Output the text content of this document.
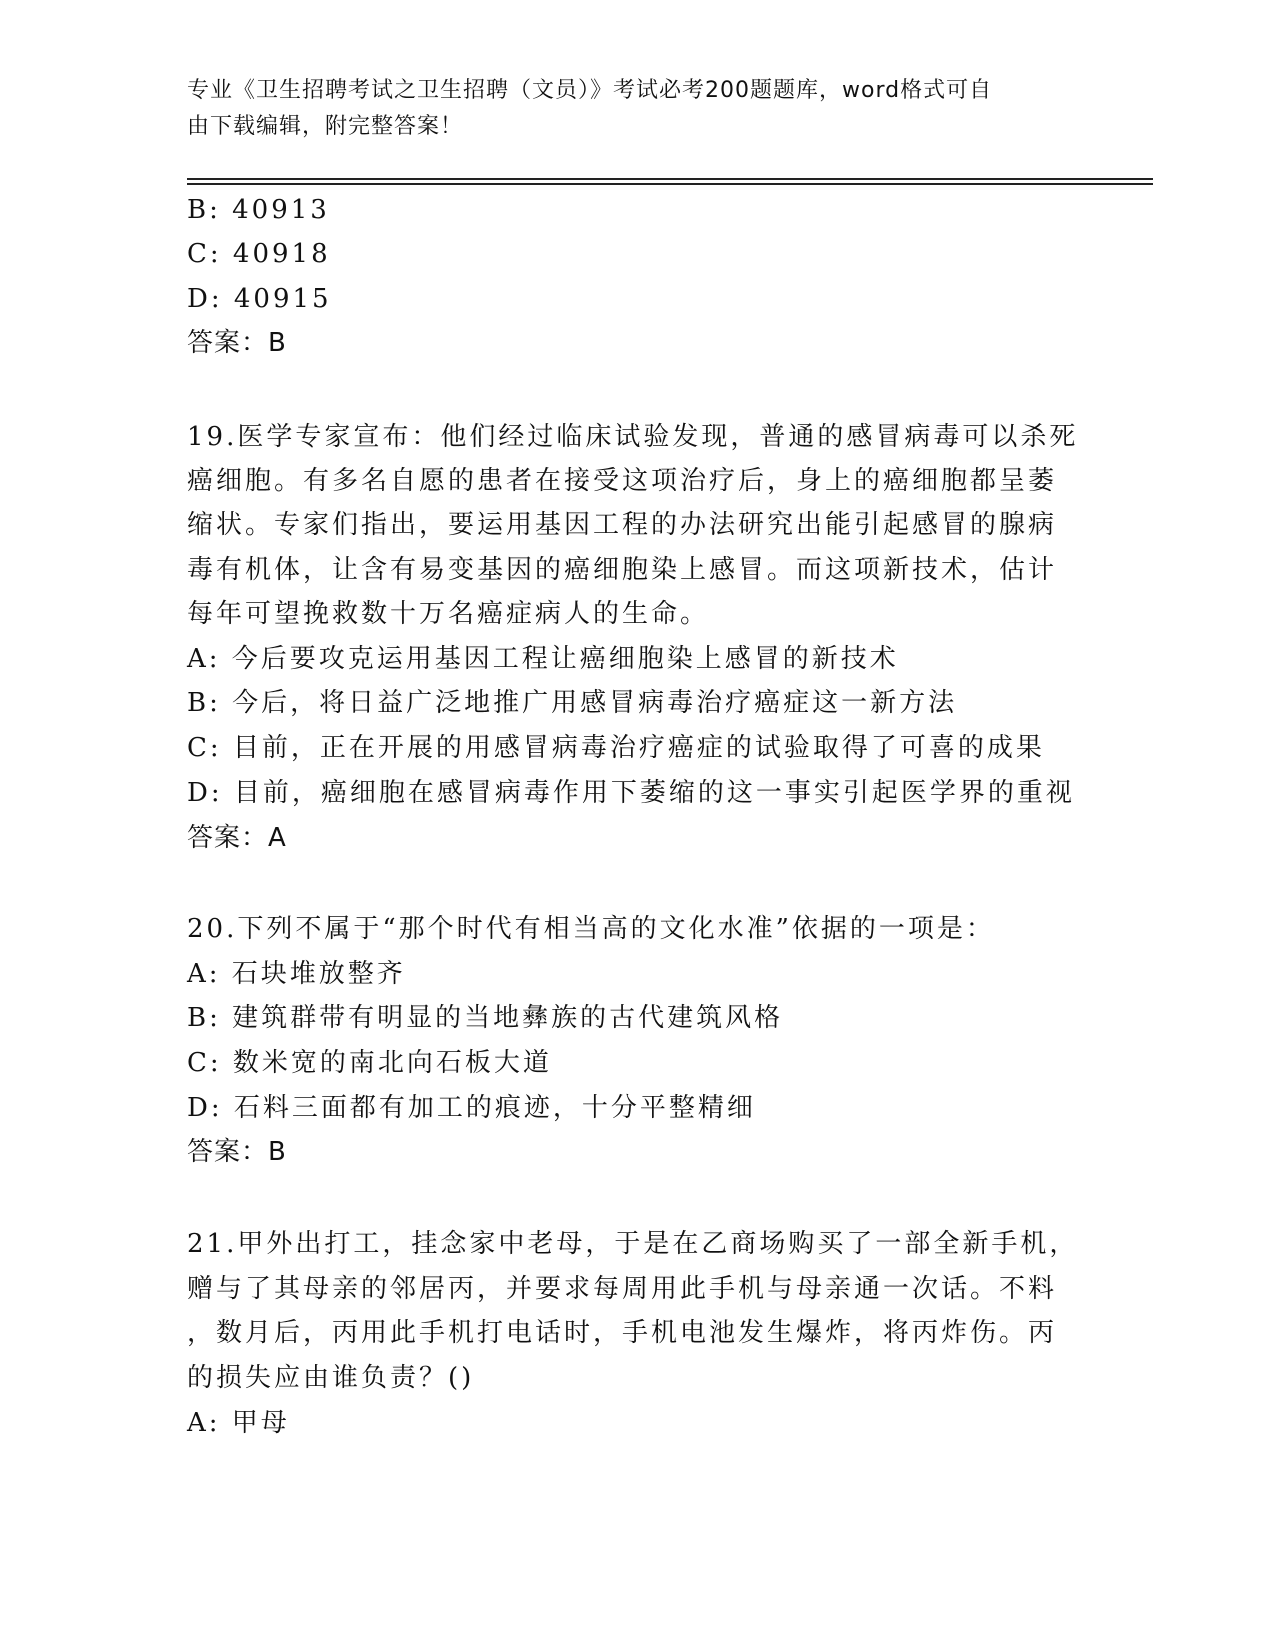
专业《卫生招聘考试之卫生招聘（文员）》考试必考200题题库，word格式可自
由下载编辑，附完整答案！
B: 40913
C: 40918
D: 40915
答案：B
19.医学专家宣布：他们经过临床试验发现，普通的感冒病毒可以杀死
癌细胞。有多名自愿的患者在接受这项治疗后，身上的癌细胞都呈萎
缩状。专家们指出，要运用基因工程的办法研究出能引起感冒的腺病
毒有机体，让含有易变基因的癌细胞染上感冒。而这项新技术，估计
每年可望挽救数十万名癌症病人的生命。
A: 今后要攻克运用基因工程让癌细胞染上感冒的新技术
B: 今后，将日益广泛地推广用感冒病毒治疗癌症这一新方法
C: 目前，正在开展的用感冒病毒治疗癌症的试验取得了可喜的成果
D: 目前，癌细胞在感冒病毒作用下萎缩的这一事实引起医学界的重视
答案：A
20.下列不属于“那个时代有相当高的文化水准”依据的一项是：
A: 石块堆放整齐
B: 建筑群带有明显的当地彝族的古代建筑风格
C: 数米宽的南北向石板大道
D: 石料三面都有加工的痕迹，十分平整精细
答案：B
21.甲外出打工，挂念家中老母，于是在乙商场购买了一部全新手机，
赠与了其母亲的邻居丙，并要求每周用此手机与母亲通一次话。不料
，数月后，丙用此手机打电话时，手机电池发生爆炸，将丙炸伤。丙
的损失应由谁负责？()
A: 甲母
